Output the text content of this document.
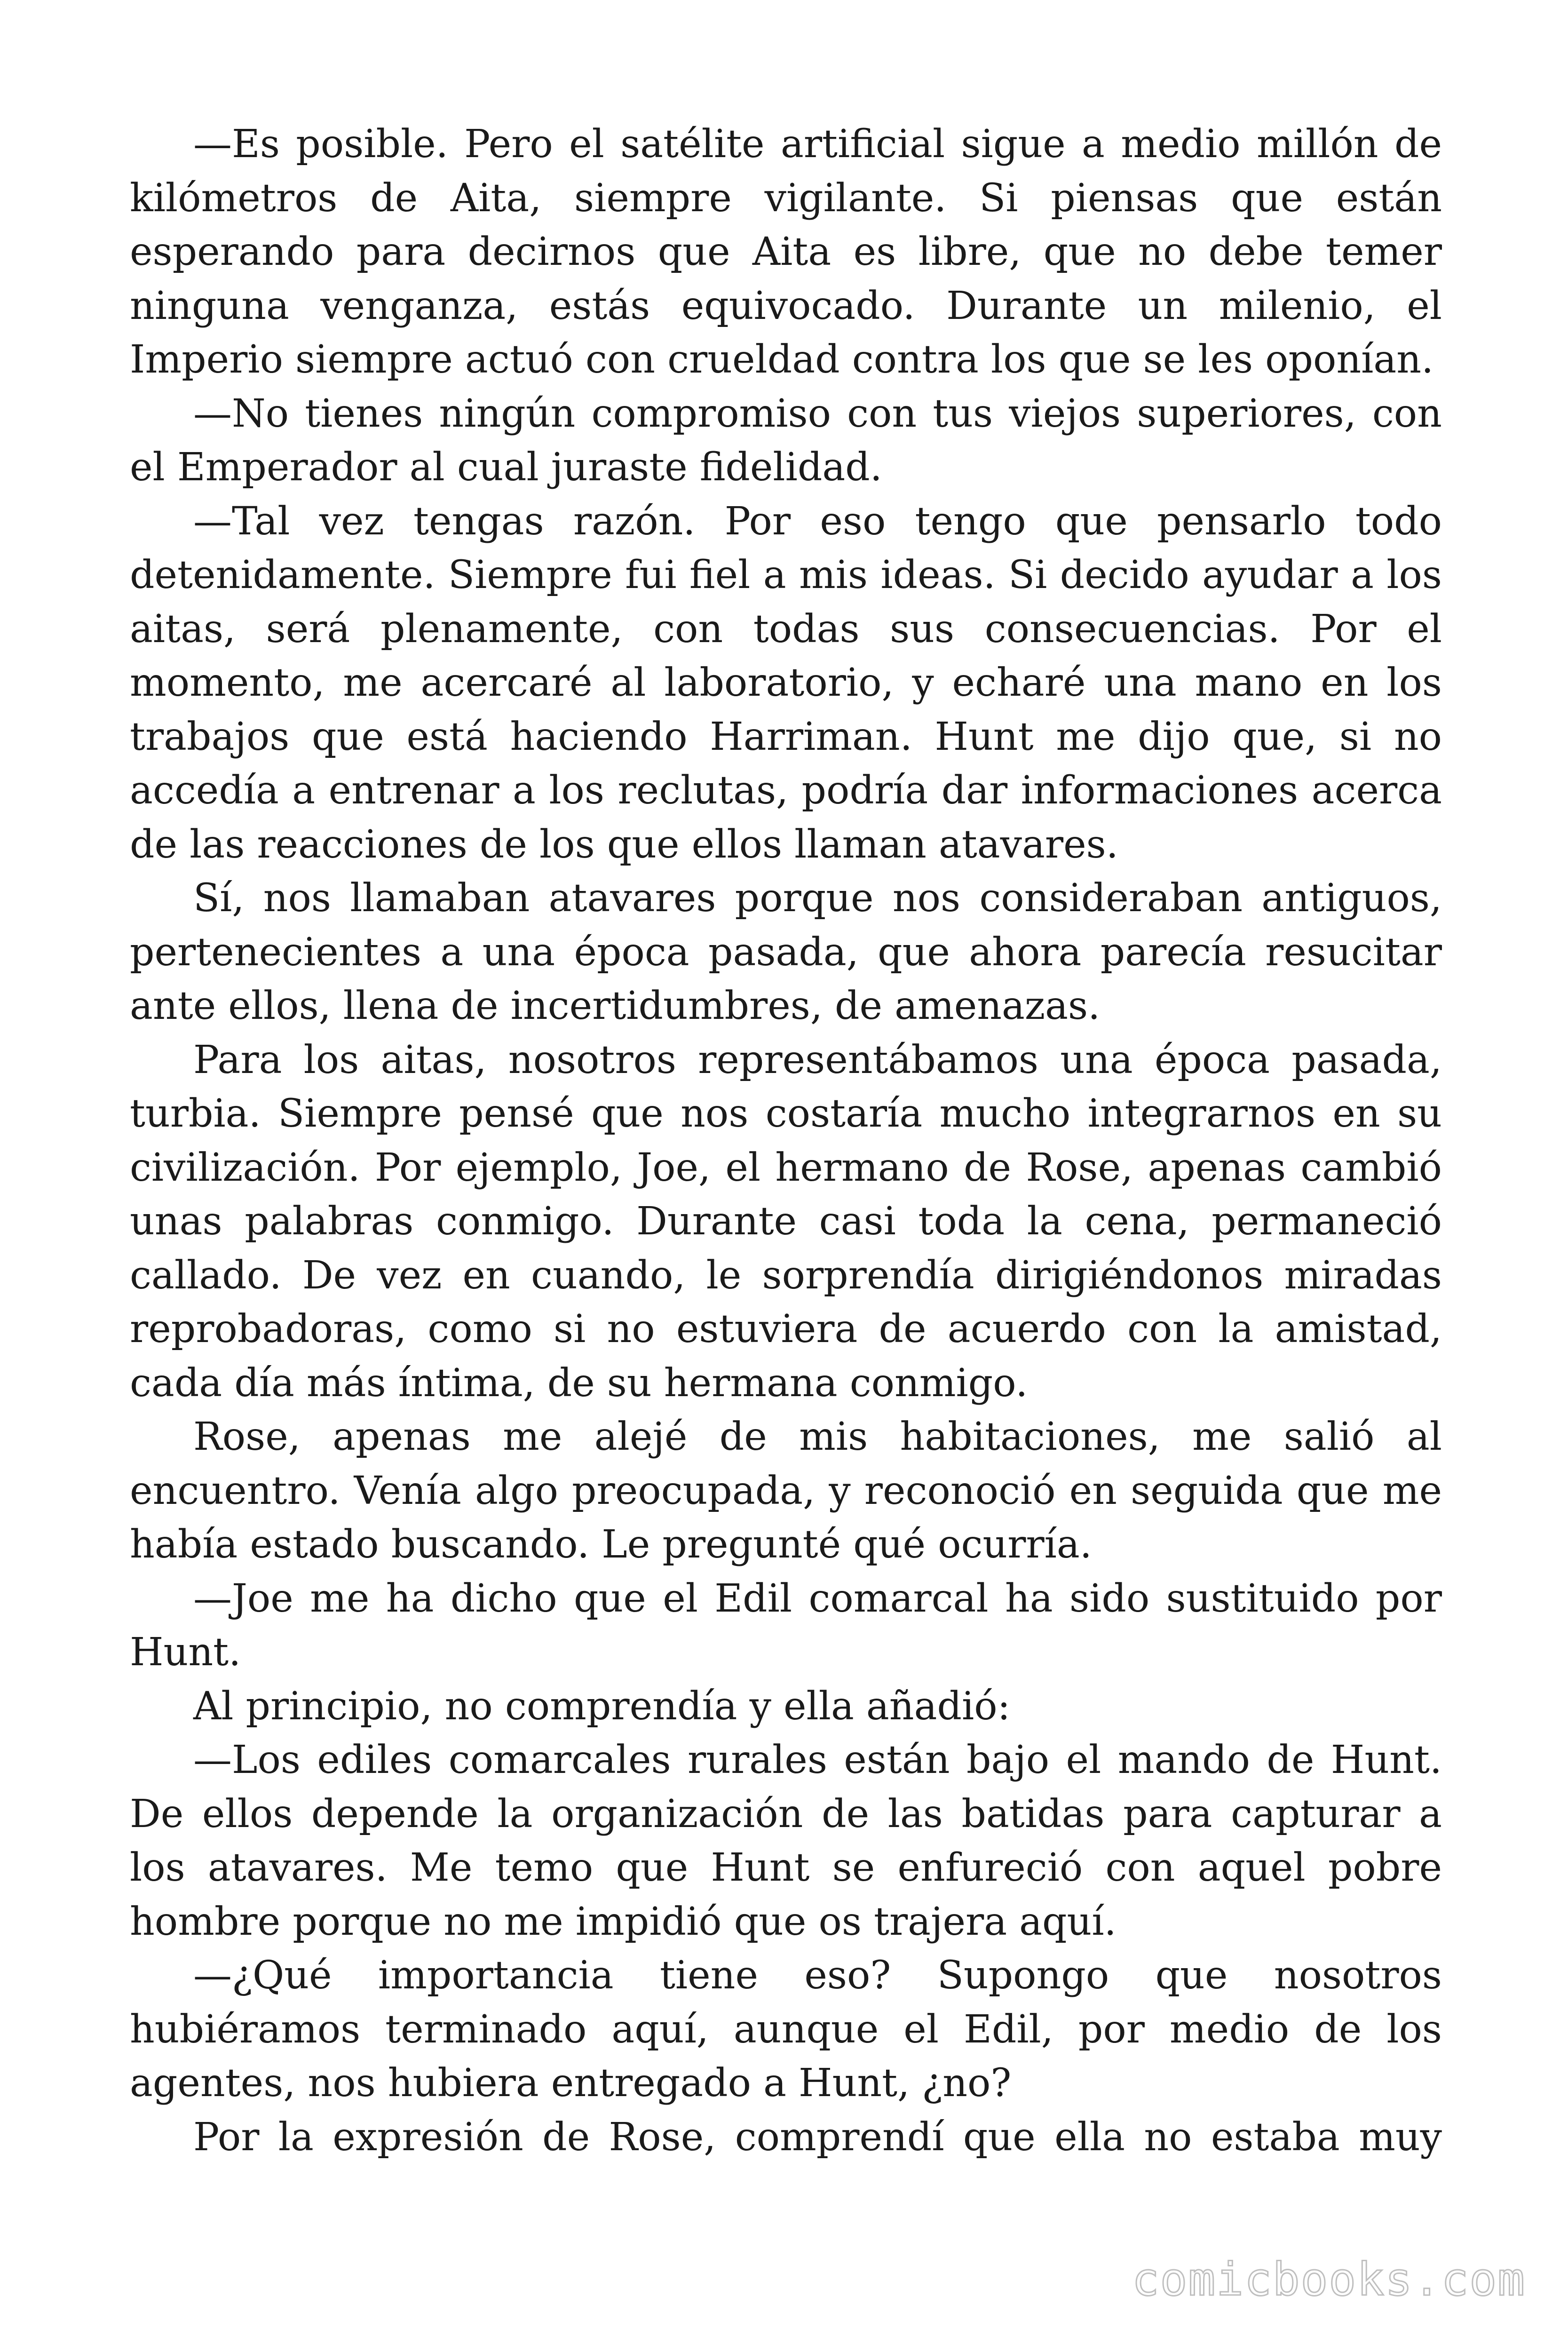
—Es posible. Pero el satélite artificial sigue a medio millón de kilómetros de Aita, siempre vigilante. Si piensas que están esperando para decirnos que Aita es libre, que no debe temer ninguna venganza, estás equivocado. Durante un milenio, el Imperio siempre actuó con crueldad contra los que se les oponían.

—No tienes ningún compromiso con tus viejos superiores, con el Emperador al cual juraste fidelidad.

—Tal vez tengas razón. Por eso tengo que pensarlo todo detenidamente. Siempre fui fiel a mis ideas. Si decido ayudar a los aitas, será plenamente, con todas sus consecuencias. Por el momento, me acercaré al laboratorio, y echaré una mano en los trabajos que está haciendo Harriman. Hunt me dijo que, si no accedía a entrenar a los reclutas, podría dar informaciones acerca de las reacciones de los que ellos llaman atavares.

Sí, nos llamaban atavares porque nos consideraban antiguos, pertenecientes a una época pasada, que ahora parecía resucitar ante ellos, llena de incertidumbres, de amenazas.

Para los aitas, nosotros representábamos una época pasada, turbia. Siempre pensé que nos costaría mucho integrarnos en su civilización. Por ejemplo, Joe, el hermano de Rose, apenas cambió unas palabras conmigo. Durante casi toda la cena, permaneció callado. De vez en cuando, le sorprendía dirigiéndonos miradas reprobadoras, como si no estuviera de acuerdo con la amistad, cada día más íntima, de su hermana conmigo.

Rose, apenas me alejé de mis habitaciones, me salió al encuentro. Venía algo preocupada, y reconoció en seguida que me había estado buscando. Le pregunté qué ocurría.

—Joe me ha dicho que el Edil comarcal ha sido sustituido por Hunt.

Al principio, no comprendía y ella añadió:

—Los ediles comarcales rurales están bajo el mando de Hunt. De ellos depende la organización de las batidas para capturar a los atavares. Me temo que Hunt se enfureció con aquel pobre hombre porque no me impidió que os trajera aquí.

—¿Qué importancia tiene eso? Supongo que nosotros hubiéramos terminado aquí, aunque el Edil, por medio de los agentes, nos hubiera entregado a Hunt, ¿no?

Por la expresión de Rose, comprendí que ella no estaba muy

comicbooks.com
